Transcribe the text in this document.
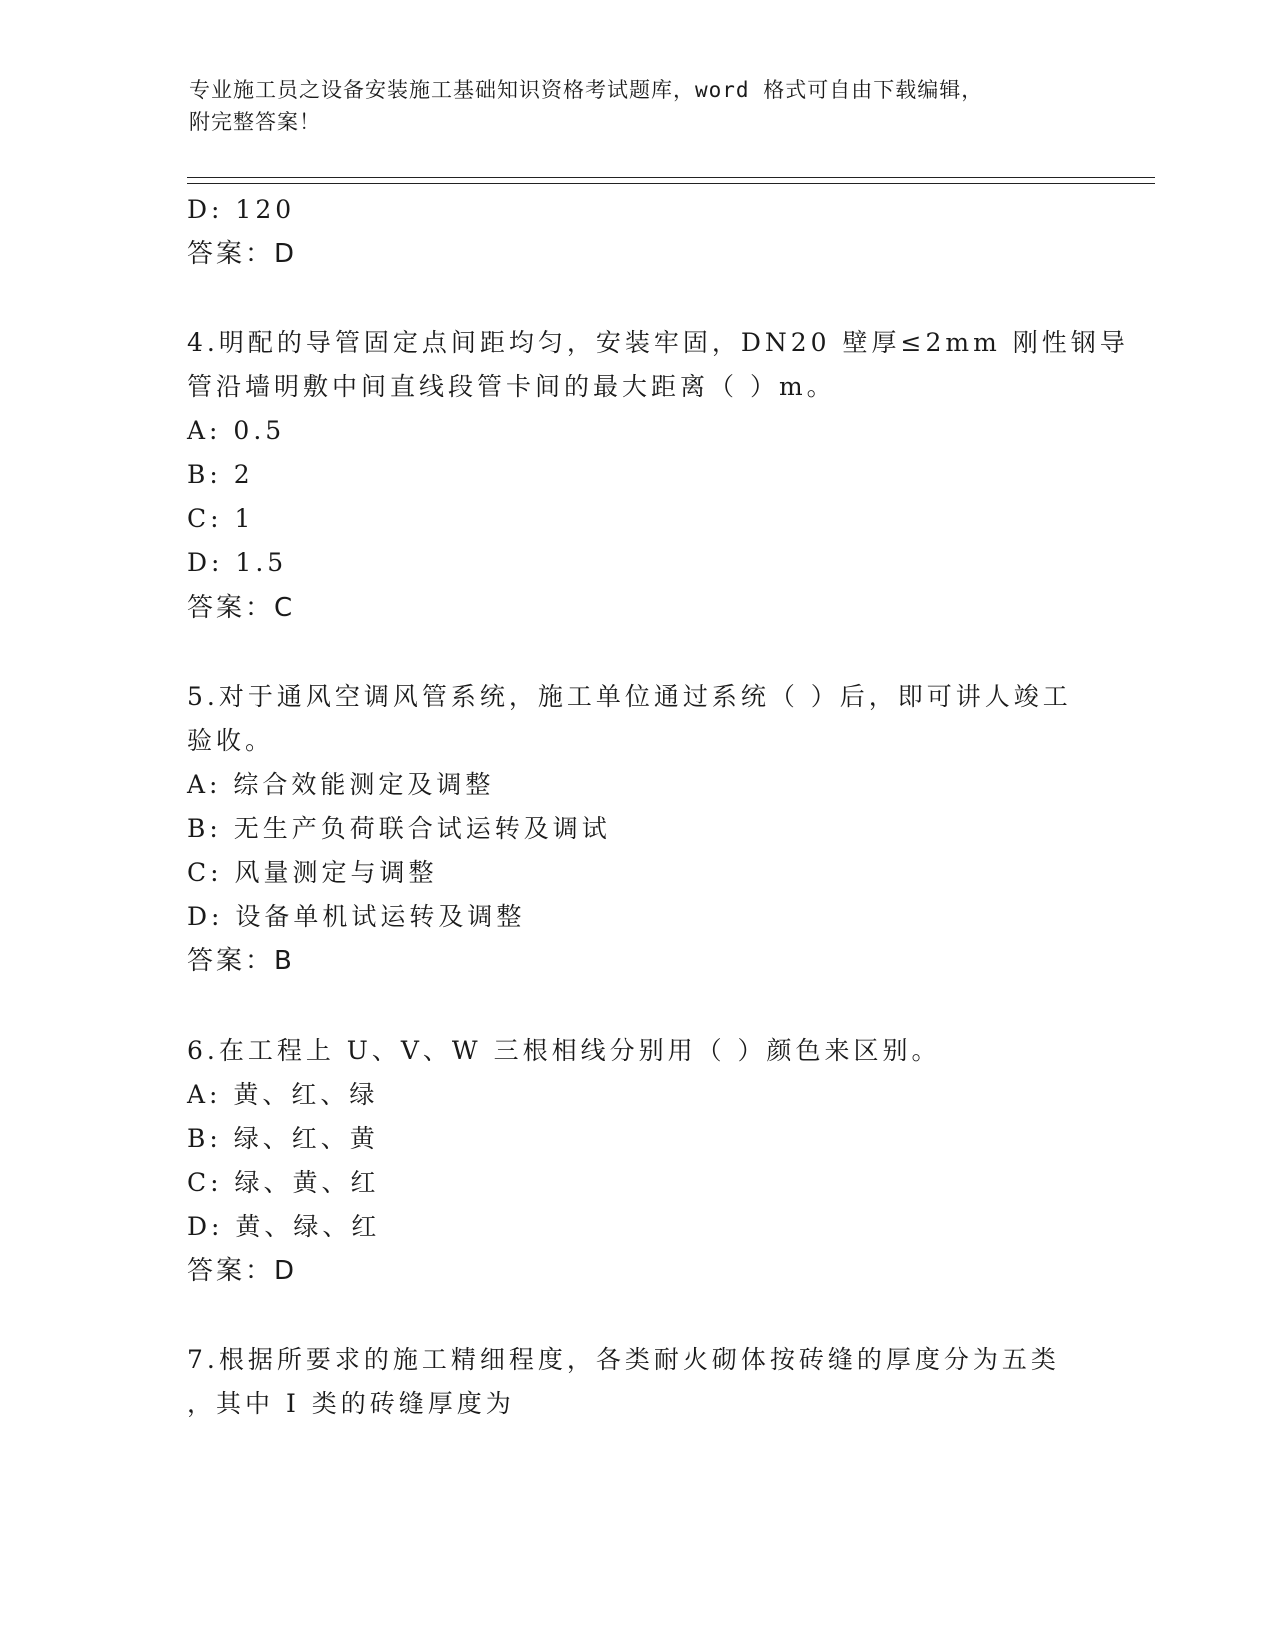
专业施工员之设备安装施工基础知识资格考试题库，word 格式可自由下载编辑，
附完整答案！
D: 120
答案：D
4.明配的导管固定点间距均匀，安装牢固，DN20 壁厚≤2mm 刚性钢导
管沿墙明敷中间直线段管卡间的最大距离（ ）m。
A: 0.5
B: 2
C: 1
D: 1.5
答案：C
5.对于通风空调风管系统，施工单位通过系统（ ）后，即可讲人竣工
验收。
A: 综合效能测定及调整
B: 无生产负荷联合试运转及调试
C: 风量测定与调整
D: 设备单机试运转及调整
答案：B
6.在工程上 U、V、W 三根相线分别用（ ）颜色来区别。
A: 黄、红、绿
B: 绿、红、黄
C: 绿、黄、红
D: 黄、绿、红
答案：D
7.根据所要求的施工精细程度，各类耐火砌体按砖缝的厚度分为五类
，其中 I 类的砖缝厚度为
